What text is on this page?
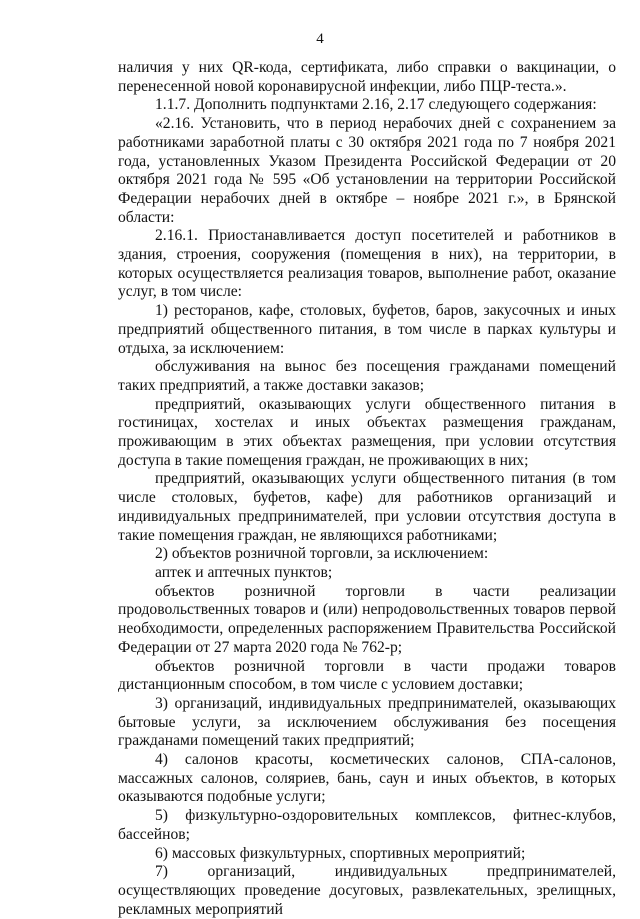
4

наличия у них QR-кода, сертификата, либо справки о вакцинации, о перенесенной новой коронавирусной инфекции, либо ПЦР-теста.».

1.1.7. Дополнить подпунктами 2.16, 2.17 следующего содержания:

«2.16. Установить, что в период нерабочих дней с сохранением за работниками заработной платы с 30 октября 2021 года по 7 ноября 2021 года, установленных Указом Президента Российской Федерации от 20 октября 2021 года № 595 «Об установлении на территории Российской Федерации нерабочих дней в октябре – ноябре 2021 г.», в Брянской области:

2.16.1. Приостанавливается доступ посетителей и работников в здания, строения, сооружения (помещения в них), на территории, в которых осуществляется реализация товаров, выполнение работ, оказание услуг, в том числе:

1) ресторанов, кафе, столовых, буфетов, баров, закусочных и иных предприятий общественного питания, в том числе в парках культуры и отдыха, за исключением:

обслуживания на вынос без посещения гражданами помещений таких предприятий, а также доставки заказов;

предприятий, оказывающих услуги общественного питания в гостиницах, хостелах и иных объектах размещения гражданам, проживающим в этих объектах размещения, при условии отсутствия доступа в такие помещения граждан, не проживающих в них;

предприятий, оказывающих услуги общественного питания (в том числе столовых, буфетов, кафе) для работников организаций и индивидуальных предпринимателей, при условии отсутствия доступа в такие помещения граждан, не являющихся работниками;

2) объектов розничной торговли, за исключением:

аптек и аптечных пунктов;

объектов розничной торговли в части реализации продовольственных товаров и (или) непродовольственных товаров первой необходимости, определенных распоряжением Правительства Российской Федерации от 27 марта 2020 года № 762-р;

объектов розничной торговли в части продажи товаров дистанционным способом, в том числе с условием доставки;

3) организаций, индивидуальных предпринимателей, оказывающих бытовые услуги, за исключением обслуживания без посещения гражданами помещений таких предприятий;

4) салонов красоты, косметических салонов, СПА-салонов, массажных салонов, соляриев, бань, саун и иных объектов, в которых оказываются подобные услуги;

5) физкультурно-оздоровительных комплексов, фитнес-клубов, бассейнов;

6) массовых физкультурных, спортивных мероприятий;

7) организаций, индивидуальных предпринимателей, осуществляющих проведение досуговых, развлекательных, зрелищных, рекламных мероприятий
